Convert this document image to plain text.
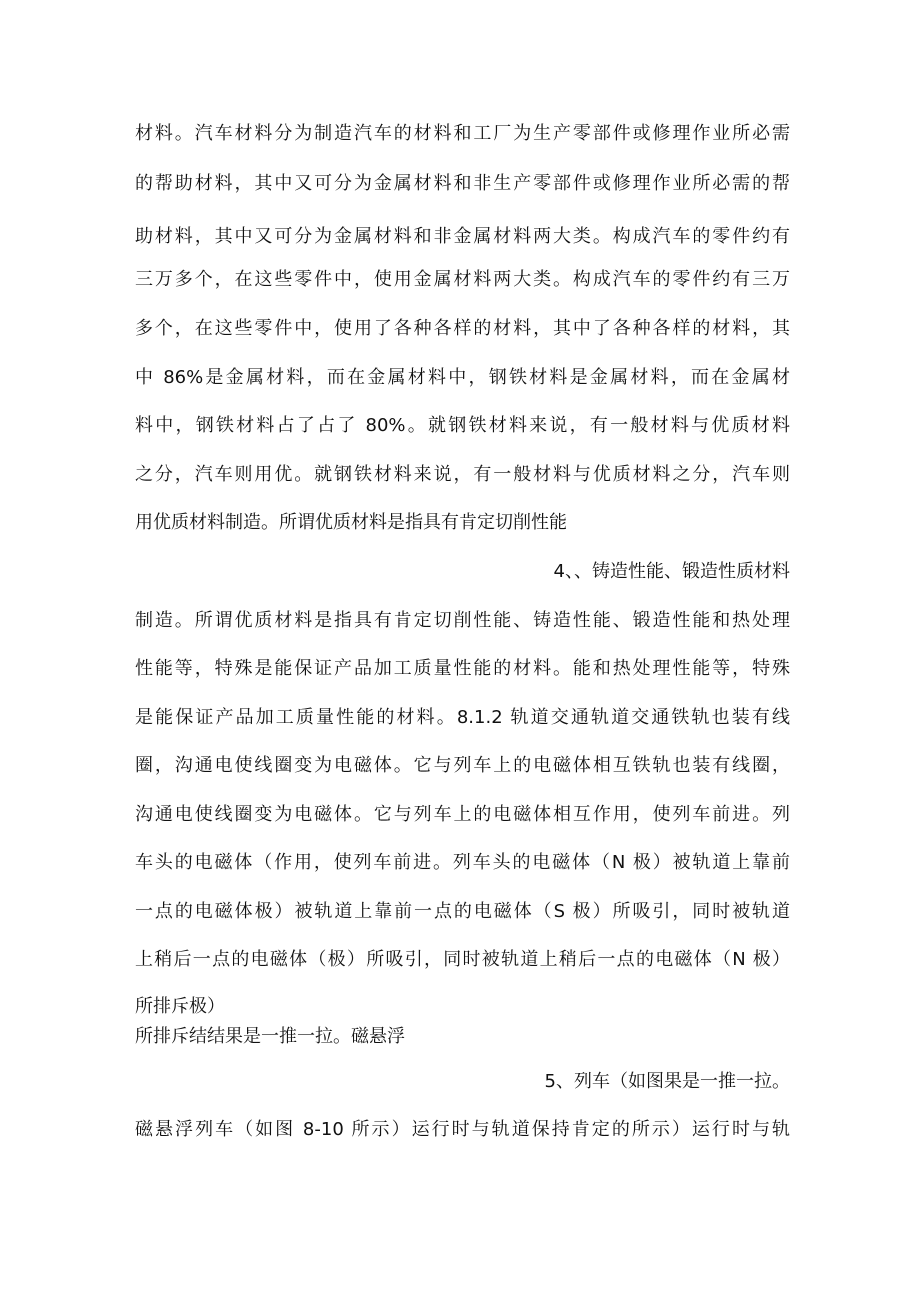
材料。汽车材料分为制造汽车的材料和工厂为生产零部件或修理作业所必需
的帮助材料，其中又可分为金属材料和非生产零部件或修理作业所必需的帮
助材料，其中又可分为金属材料和非金属材料两大类。构成汽车的零件约有
三万多个，在这些零件中，使用金属材料两大类。构成汽车的零件约有三万
多个，在这些零件中，使用了各种各样的材料，其中了各种各样的材料，其
中 86%是金属材料，而在金属材料中，钢铁材料是金属材料，而在金属材
料中，钢铁材料占了占了 80%。就钢铁材料来说，有一般材料与优质材料
之分，汽车则用优。就钢铁材料来说，有一般材料与优质材料之分，汽车则
用优质材料制造。所谓优质材料是指具有肯定切削性能
4、、铸造性能、锻造性质材料
制造。所谓优质材料是指具有肯定切削性能、铸造性能、锻造性能和热处理
性能等，特殊是能保证产品加工质量性能的材料。能和热处理性能等，特殊
是能保证产品加工质量性能的材料。8.1.2 轨道交通轨道交通铁轨也装有线
圈，沟通电使线圈变为电磁体。它与列车上的电磁体相互铁轨也装有线圈，
沟通电使线圈变为电磁体。它与列车上的电磁体相互作用，使列车前进。列
车头的电磁体（作用，使列车前进。列车头的电磁体（N 极）被轨道上靠前
一点的电磁体极）被轨道上靠前一点的电磁体（S 极）所吸引，同时被轨道
上稍后一点的电磁体（极）所吸引，同时被轨道上稍后一点的电磁体（N 极）
所排斥极）
所排斥结结果是一推一拉。磁悬浮
5、列车（如图果是一推一拉。
磁悬浮列车（如图 8-10 所示）运行时与轨道保持肯定的所示）运行时与轨
